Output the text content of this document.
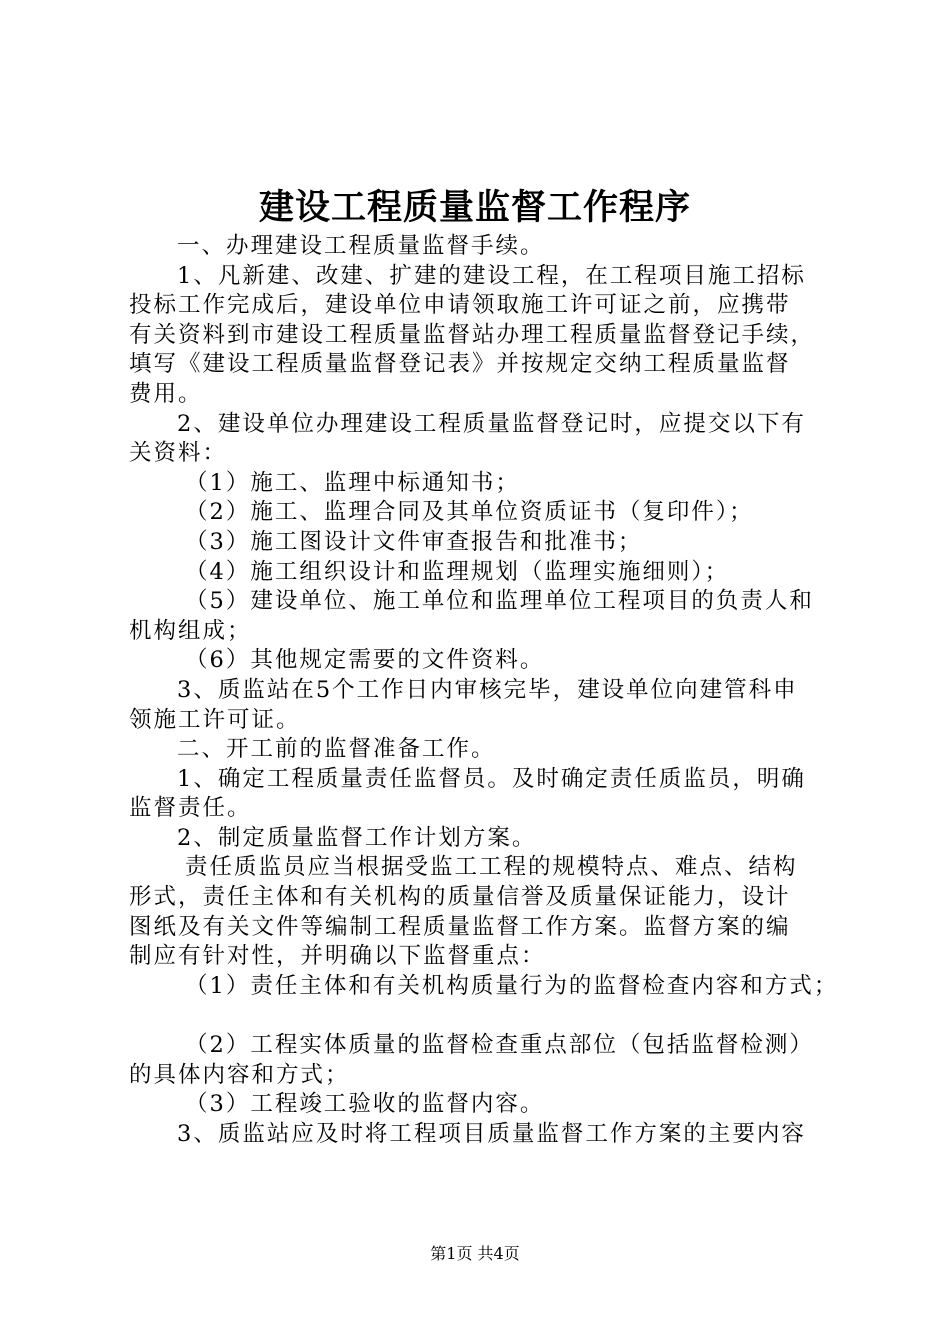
建设工程质量监督工作程序

一、办理建设工程质量监督手续。

1、凡新建、改建、扩建的建设工程，在工程项目施工招标

投标工作完成后，建设单位申请领取施工许可证之前，应携带

有关资料到市建设工程质量监督站办理工程质量监督登记手续，

填写《建设工程质量监督登记表》并按规定交纳工程质量监督

费用。

2、建设单位办理建设工程质量监督登记时，应提交以下有

关资料：

（1）施工、监理中标通知书；

（2）施工、监理合同及其单位资质证书（复印件）；

（3）施工图设计文件审查报告和批准书；

（4）施工组织设计和监理规划（监理实施细则）；

（5）建设单位、施工单位和监理单位工程项目的负责人和

机构组成；

（6）其他规定需要的文件资料。

3、质监站在5个工作日内审核完毕，建设单位向建管科申

领施工许可证。

二、开工前的监督准备工作。

1、确定工程质量责任监督员。及时确定责任质监员，明确

监督责任。

2、制定质量监督工作计划方案。

责任质监员应当根据受监工工程的规模特点、难点、结构

形式，责任主体和有关机构的质量信誉及质量保证能力，设计

图纸及有关文件等编制工程质量监督工作方案。监督方案的编

制应有针对性，并明确以下监督重点：

（1）责任主体和有关机构质量行为的监督检查内容和方式；

（2）工程实体质量的监督检查重点部位（包括监督检测）

的具体内容和方式；

（3）工程竣工验收的监督内容。

3、质监站应及时将工程项目质量监督工作方案的主要内容

第1页 共4页
